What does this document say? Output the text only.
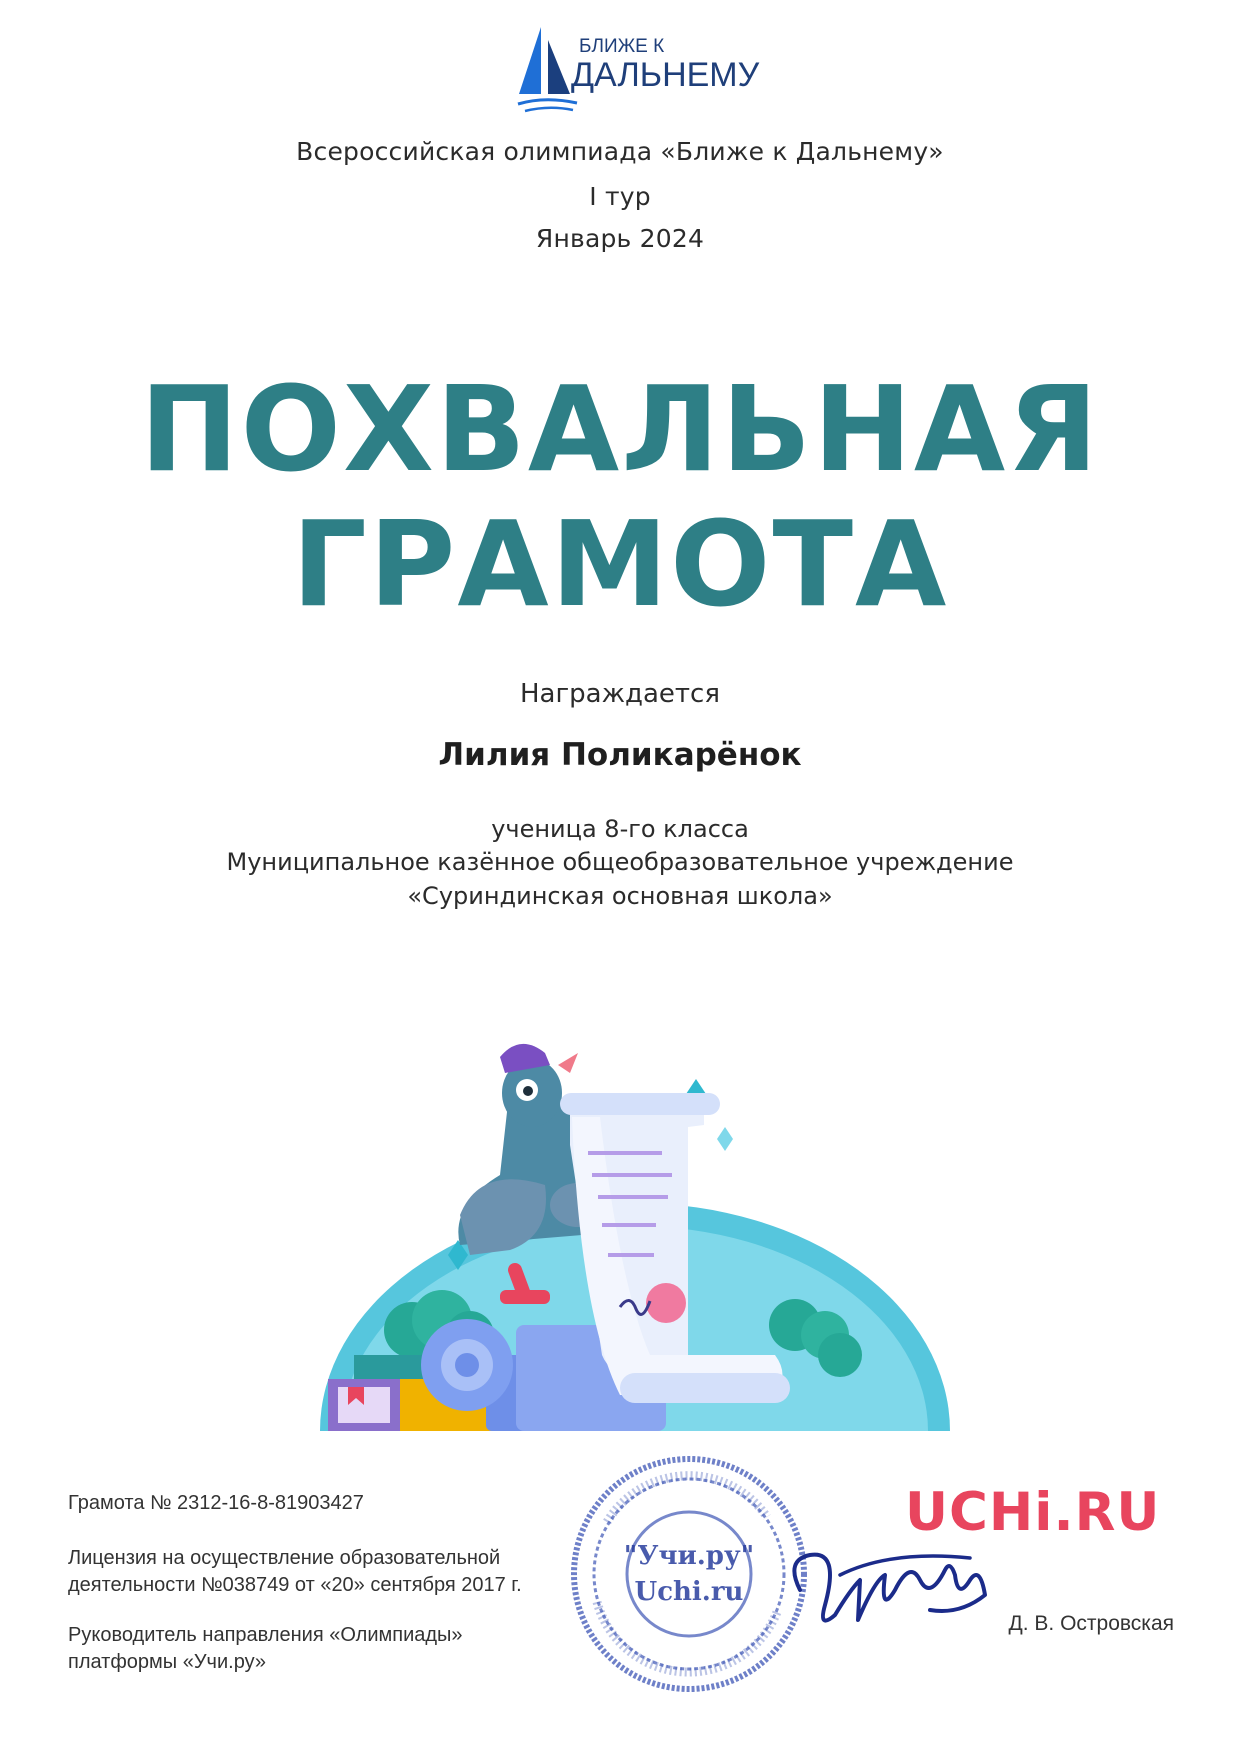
БЛИЖЕ К
ДАЛЬНЕМУ
Всероссийская олимпиада «Ближе к Дальнему»
I тур
Январь 2024
ПОХВАЛЬНАЯ
ГРАМОТА
Награждается
Лилия Поликарёнок
ученица 8-го класса
Муниципальное казённое общеобразовательное учреждение
«Суриндинская основная школа»
Грамота № 2312-16-8-81903427
Лицензия на осуществление образовательной
деятельности №038749 от «20» сентября 2017 г.
Руководитель направления «Олимпиады»
платформы «Учи.ру»
"Учи.ру"
Uchi.ru
UCHi.RU
Д. В. Островская
